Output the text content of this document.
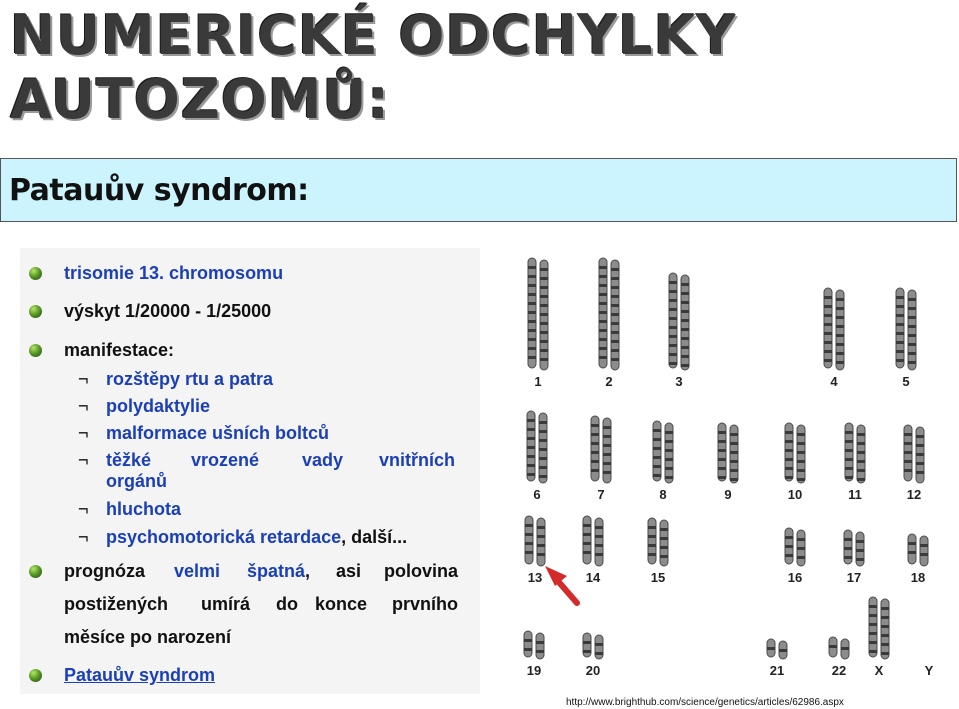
NUMERICKÉ ODCHYLKY
AUTOZOMŮ:
Patauův syndrom:
trisomie 13. chromosomu
výskyt 1/20000 - 1/25000
manifestace:
¬ rozštěpy rtu a patra
¬ polydaktylie
¬ malformace ušních boltců
¬ těžké vrozené vady vnitřních
orgánů
¬ hluchota
¬ psychomotorická retardace, další...
prognóza velmi špatná, asi polovina
postižených umírá do konce prvního
měsíce po narození
Patauův syndrom
1	2	3	4	5
6	7	8	9	10	11	12
13	14	15	16	17	18
19	20	21	22 X	Y
http://www.brighthub.com/science/genetics/articles/62986.aspx
